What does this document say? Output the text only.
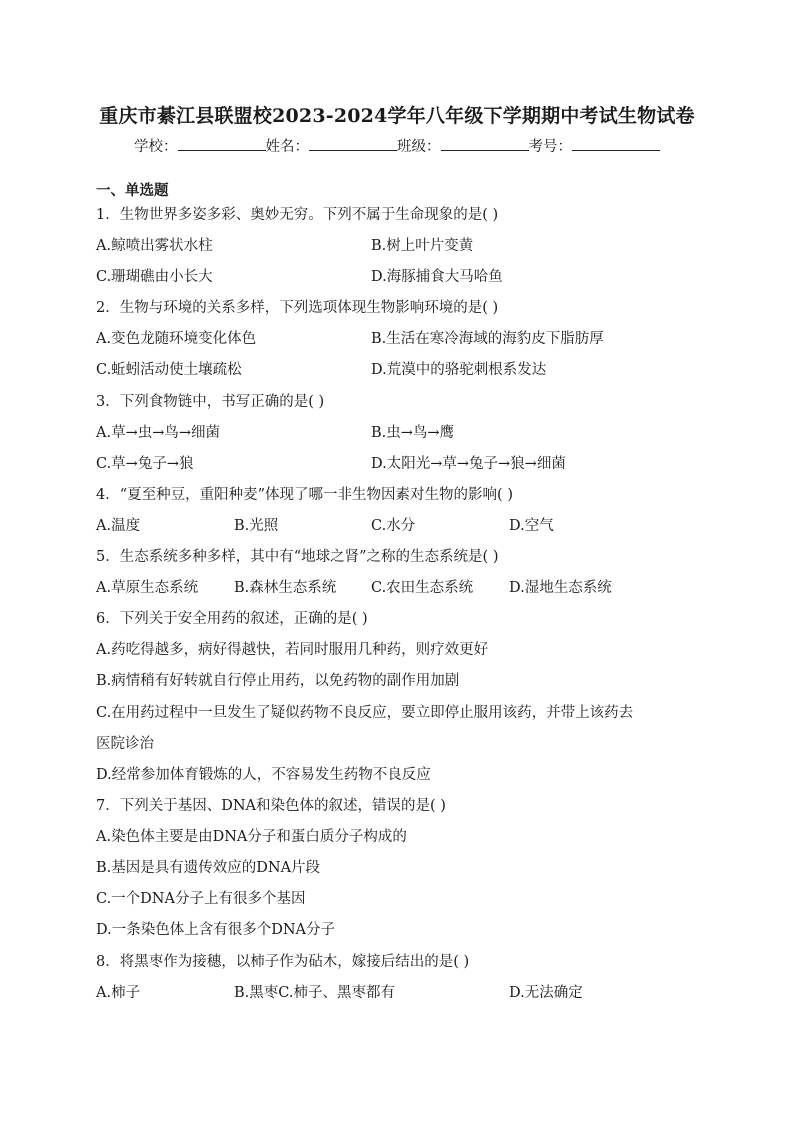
重庆市綦江县联盟校2023-2024学年八年级下学期期中考试生物试卷
学校：	姓名：	班级：	考号：
一、单选题
1．生物世界多姿多彩、奥妙无穷。下列不属于生命现象的是( )
A.鲸喷出雾状水柱	B.树上叶片变黄
C.珊瑚礁由小长大	D.海豚捕食大马哈鱼
2．生物与环境的关系多样，下列选项体现生物影响环境的是( )
A.变色龙随环境变化体色	B.生活在寒冷海域的海豹皮下脂肪厚
C.蚯蚓活动使土壤疏松	D.荒漠中的骆驼刺根系发达
3．下列食物链中，书写正确的是( )
A.草→虫→鸟→细菌	B.虫→鸟→鹰
C.草→兔子→狼	D.太阳光→草→兔子→狼→细菌
4．“夏至种豆，重阳种麦”体现了哪一非生物因素对生物的影响( )
A.温度	B.光照	C.水分	D.空气
5．生态系统多种多样，其中有“地球之肾”之称的生态系统是( )
A.草原生态系统 B.森林生态系统 C.农田生态系统 D.湿地生态系统
6．下列关于安全用药的叙述，正确的是( )
A.药吃得越多，病好得越快，若同时服用几种药，则疗效更好
B.病情稍有好转就自行停止用药，以免药物的副作用加剧
C.在用药过程中一旦发生了疑似药物不良反应，要立即停止服用该药，并带上该药去
医院诊治
D.经常参加体育锻炼的人，不容易发生药物不良反应
7．下列关于基因、DNA和染色体的叙述，错误的是( )
A.染色体主要是由DNA分子和蛋白质分子构成的
B.基因是具有遗传效应的DNA片段
C.一个DNA分子上有很多个基因
D.一条染色体上含有很多个DNA分子
8．将黑枣作为接穗，以柿子作为砧木，嫁接后结出的是( )
A.柿子	B.黑枣C.柿子、黑枣都有	D.无法确定
